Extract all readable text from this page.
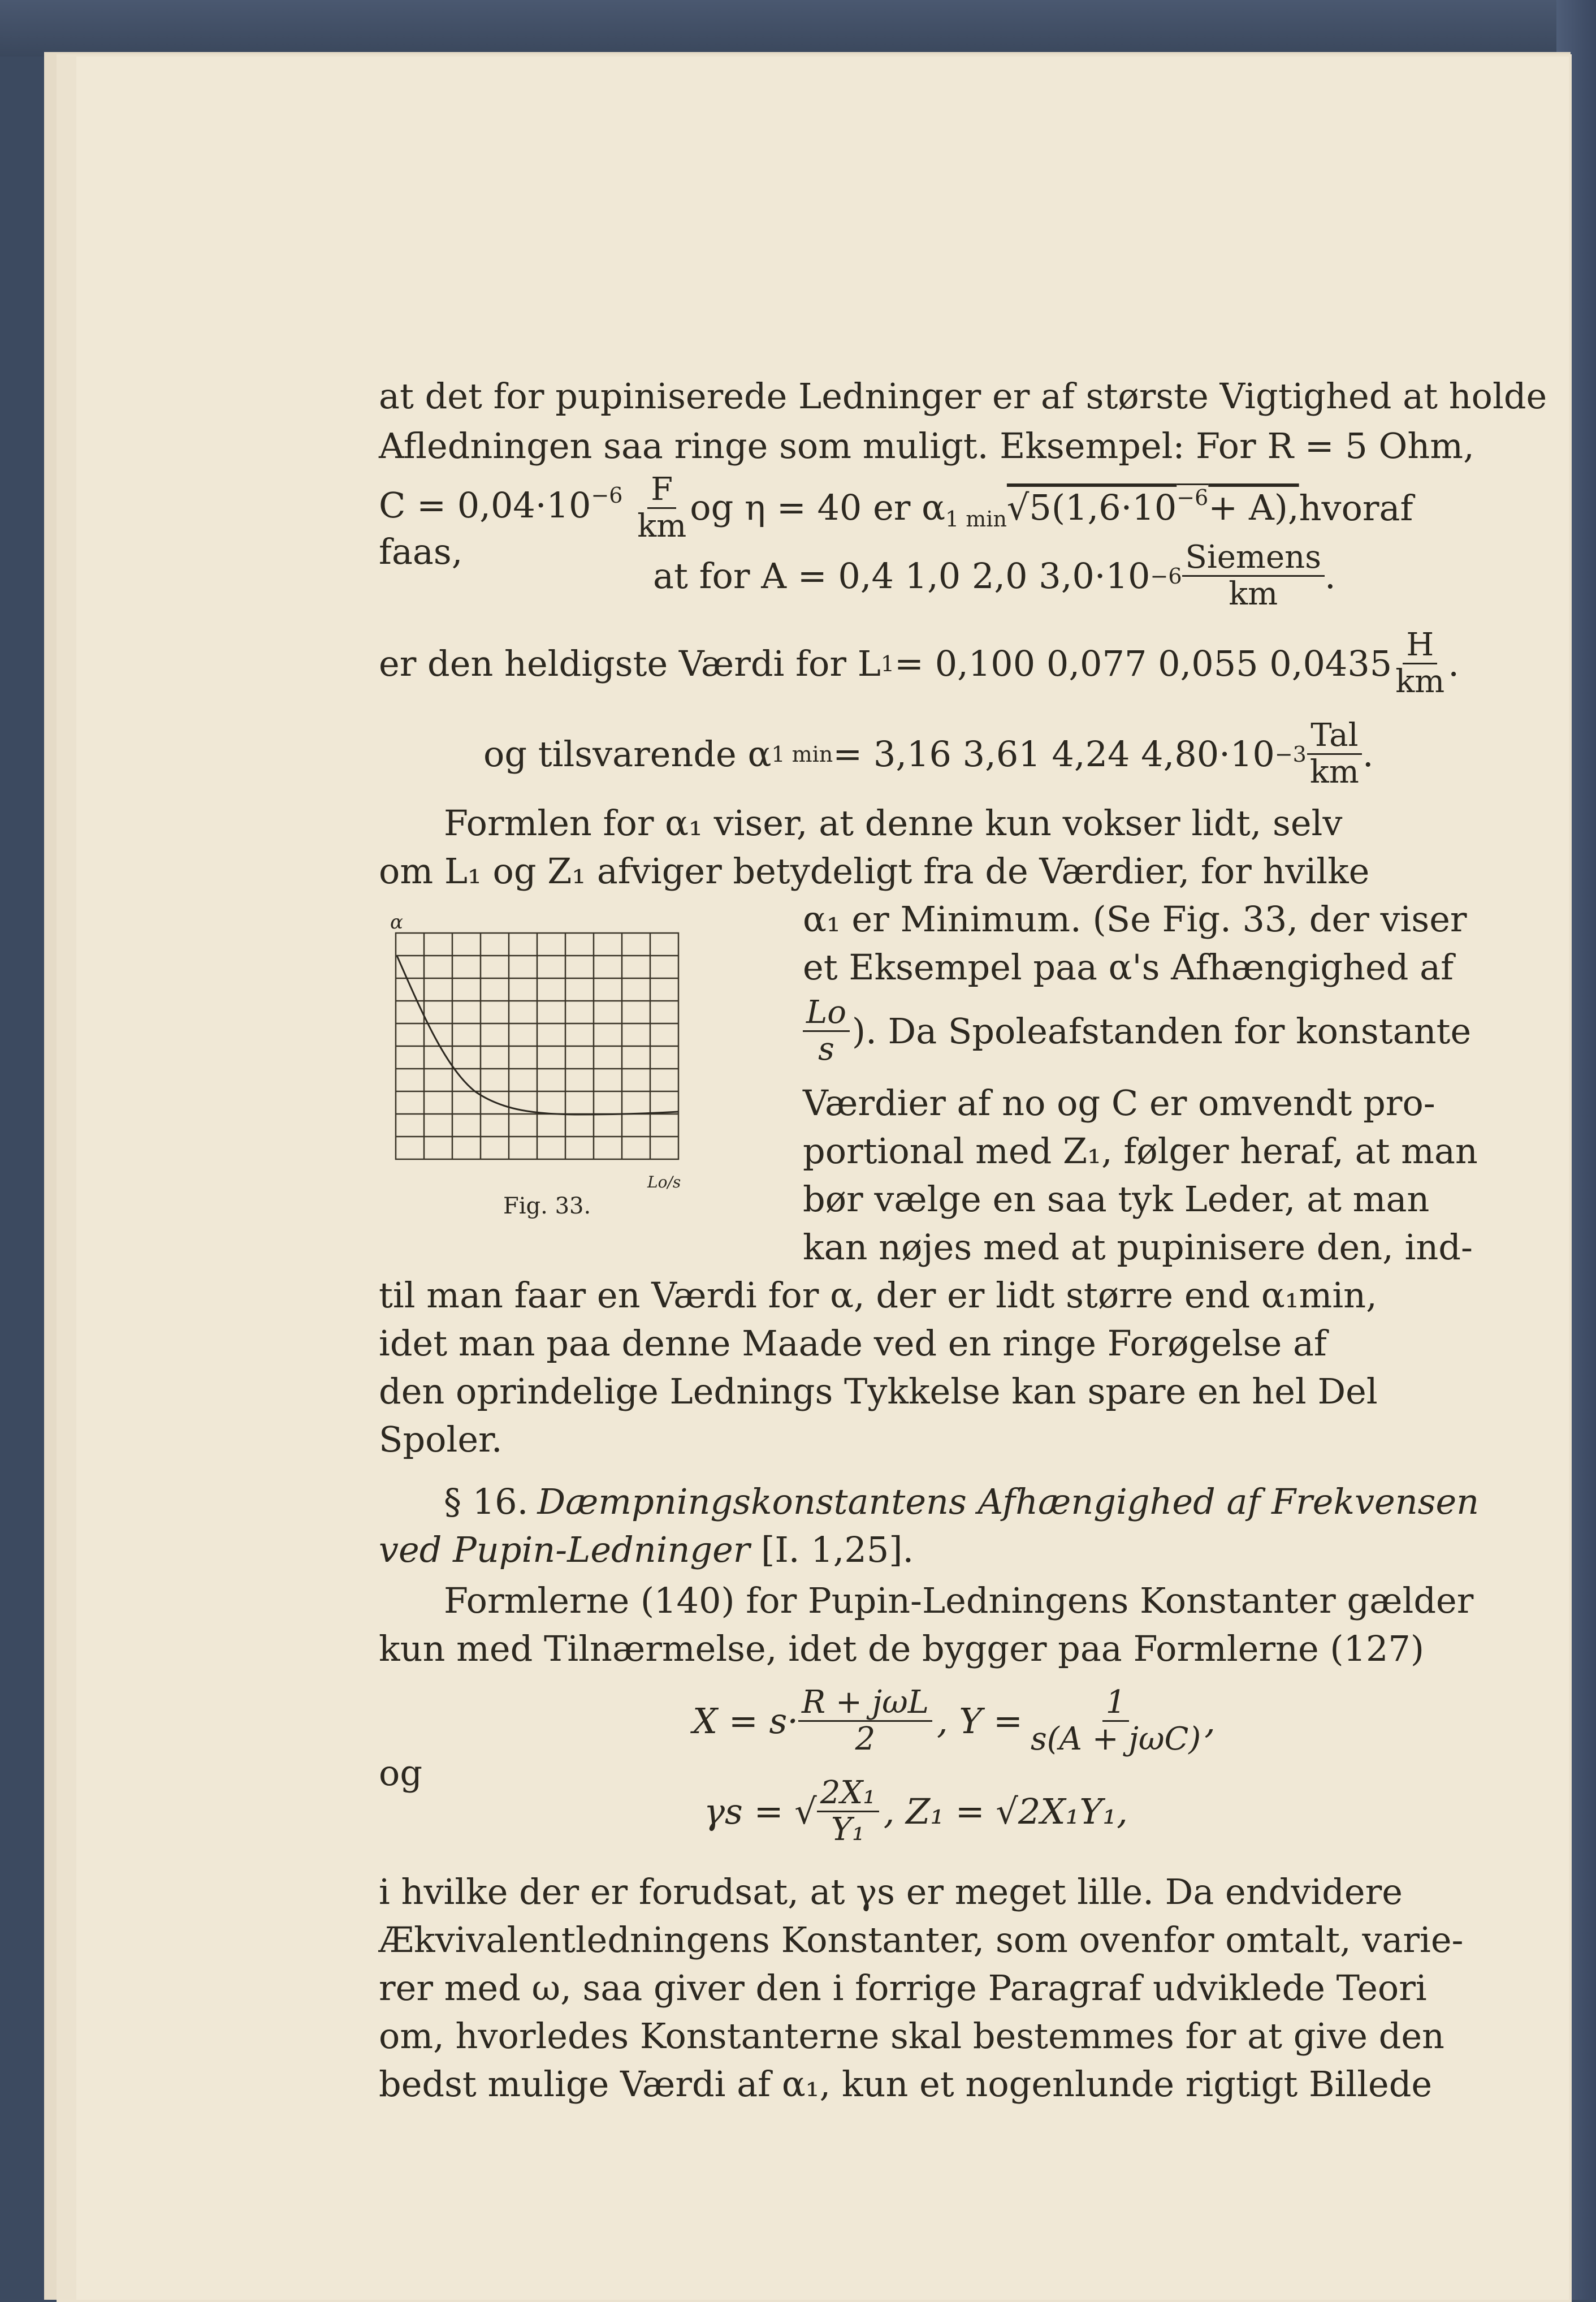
at det for pupiniserede Ledninger er af største Vigtighed at holde
Afledningen saa ringe som muligt. Eksempel: For R = 5 Ohm,
$C = 0,04\cdot 10^{-6} \frac{F}{km}$ og η = 40 er $\alpha_{1 min}√5(1,6\cdot 10^{-6}+ A)$, hvoraf
faas,
at for A = 0,4 1,0 2,0 $3,0\cdot 10 -6 \frac{\text{Siemens}}{km}$ .
er den heldigste Værdi for L 1 = 0,100 0,077 0,055 $0,0435 \frac{H}{km}$ .
og tilsvarende α 1 min = 3,16 3,61 4,24 $4,80\cdot 10 -3 \frac{\text{Tal}}{km}$ .
Formlen for α₁ viser, at denne kun vokser lidt, selv
om L₁ og Z₁ afviger betydeligt fra de Værdier, for hvilke
α
Lo/s
Fig. 33.
α₁ er Minimum. (Se Fig. 33, der viser
et Eksempel paa α's Afhængighed af
$\frac{Lo}{s}$ ). Da Spoleafstanden for konstante
Værdier af no og C er omvendt pro-
portional med Z₁, følger heraf, at man
bør vælge en saa tyk Leder, at man
kan nøjes med at pupinisere den, ind-
til man faar en Værdi for α, der er lidt større end α₁min,
idet man paa denne Maade ved en ringe Forøgelse af
den oprindelige Lednings Tykkelse kan spare en hel Del
Spoler.
§ 16. Dæmpningskonstantens Afhængighed af Frekvensen
ved Pupin-Ledninger [I. 1,25].
Formlerne (140) for Pupin-Ledningens Konstanter gælder
kun med Tilnærmelse, idet de bygger paa Formlerne (127)
$X = s\cdot \frac{\text{R + jωL}}{2}$ , $Y = \frac{1}{\text{s(A + jωC)}}$ ,
og
γs = √ $\frac{\text{2X₁}}{\text{Y₁}}$ , Z₁ = √2X₁Y₁,
i hvilke der er forudsat, at γs er meget lille. Da endvidere
Ækvivalentledningens Konstanter, som ovenfor omtalt, varie-
rer med ω, saa giver den i forrige Paragraf udviklede Teori
om, hvorledes Konstanterne skal bestemmes for at give den
bedst mulige Værdi af α₁, kun et nogenlunde rigtigt Billede
